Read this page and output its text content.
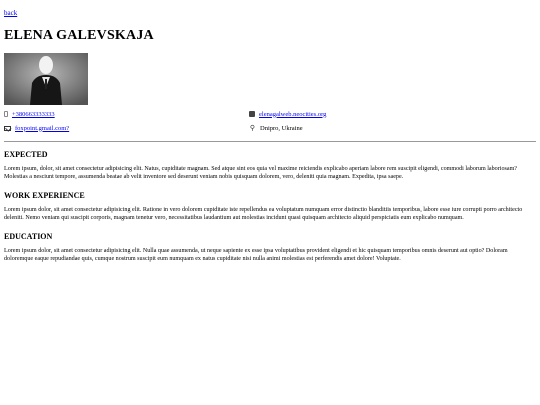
back
ELENA GALEVSKAJA
+380663333333	elenagalweb.neocities.org
foxpoint.gmail.com?	⚲ Dnipro, Ukraine
EXPECTED

Lorem ipsum, dolor, sit amet consectetur adipisicing elit. Natus, cupiditate magnam. Sed atque sint eos quia vel maxime reiciendis explicabo aperiam labore rem suscipit eligendi, commodi laborum laboriosam? Molestias a nesciunt tempore, assumenda beatae ab velit inventore sed deserunt veniam nobis quisquam dolorem, vero, deleniti quia magnam. Expedita, ipsa saepe.

WORK EXPERIENCE

Lorem ipsum dolor, sit amet consectetur adipisicing elit. Ratione in vero dolorem cupiditate iste repellendus ea voluptatum numquam error distinctio blanditiis temporibus, labore esse iure corrupti porro architecto deleniti. Nemo veniam qui suscipit corporis, magnam tenetur vero, necessitatibus laudantium aut molestias incidunt quasi quisquam architecto aliquid perspiciatis eum explicabo numquam.

EDUCATION

Lorem ipsum dolor, sit amet consectetur adipisicing elit. Nulla quae assumenda, ut neque sapiente ex esse ipsa voluptatibus provident eligendi et hic quisquam temporibus omnis deserunt aut optio? Doloram doloremque eaque repudiandae quis, cumque nostrum suscipit eum numquam ex natus cupiditate nisi nulla animi molestias est perferendis amet dolore! Voluptate.
